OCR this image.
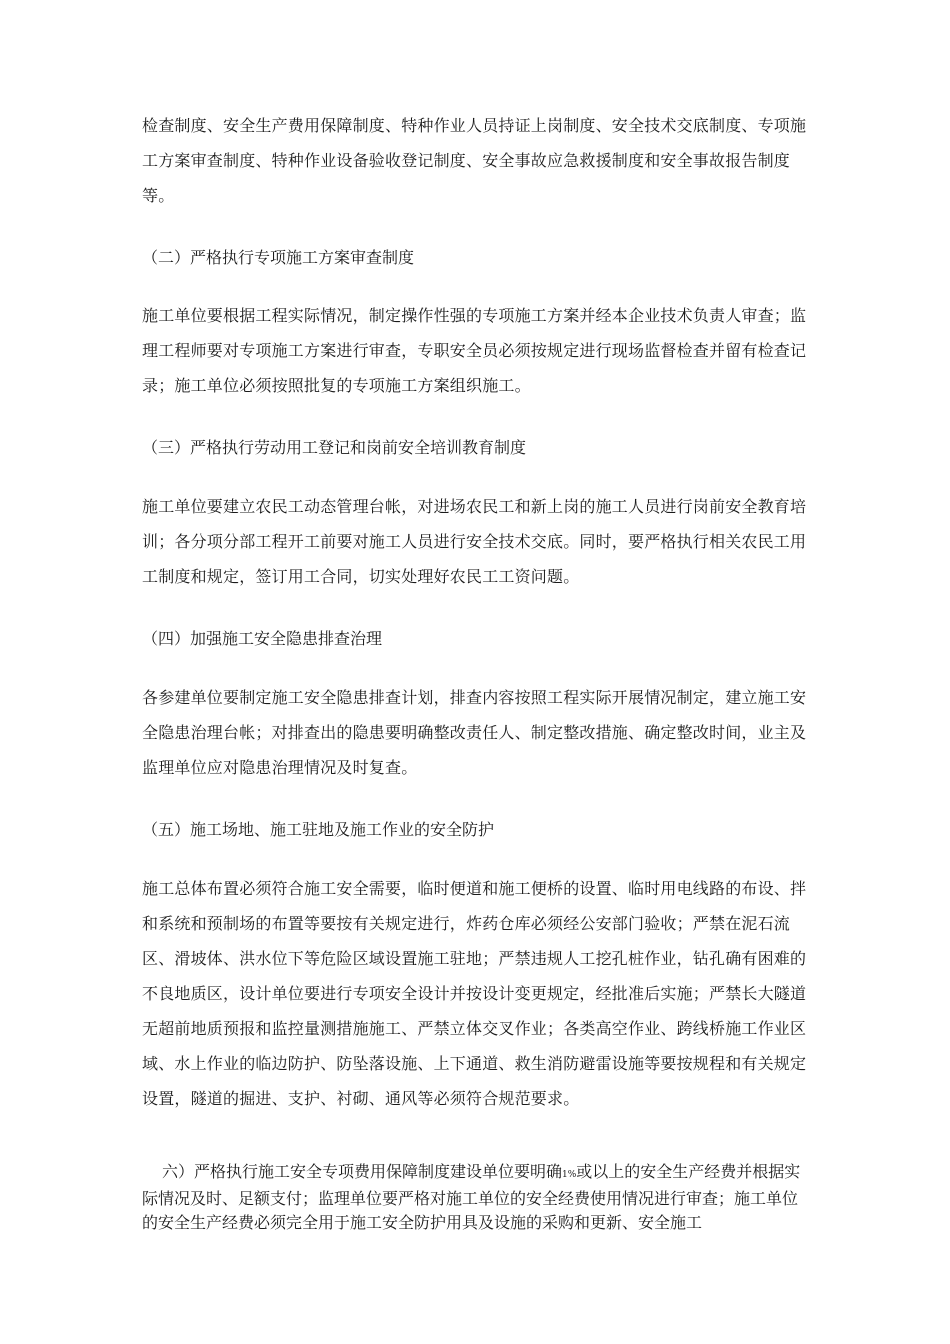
检查制度、安全生产费用保障制度、特种作业人员持证上岗制度、安全技术交底制度、专项施工方案审查制度、特种作业设备验收登记制度、安全事故应急救援制度和安全事故报告制度等。

（二）严格执行专项施工方案审查制度

施工单位要根据工程实际情况，制定操作性强的专项施工方案并经本企业技术负责人审查；监理工程师要对专项施工方案进行审查，专职安全员必须按规定进行现场监督检查并留有检查记录；施工单位必须按照批复的专项施工方案组织施工。

（三）严格执行劳动用工登记和岗前安全培训教育制度

施工单位要建立农民工动态管理台帐，对进场农民工和新上岗的施工人员进行岗前安全教育培训；各分项分部工程开工前要对施工人员进行安全技术交底。同时，要严格执行相关农民工用工制度和规定，签订用工合同，切实处理好农民工工资问题。

（四）加强施工安全隐患排查治理

各参建单位要制定施工安全隐患排查计划，排查内容按照工程实际开展情况制定，建立施工安全隐患治理台帐；对排查出的隐患要明确整改责任人、制定整改措施、确定整改时间，业主及监理单位应对隐患治理情况及时复查。

（五）施工场地、施工驻地及施工作业的安全防护

施工总体布置必须符合施工安全需要，临时便道和施工便桥的设置、临时用电线路的布设、拌和系统和预制场的布置等要按有关规定进行，炸药仓库必须经公安部门验收；严禁在泥石流区、滑坡体、洪水位下等危险区域设置施工驻地；严禁违规人工挖孔桩作业，钻孔确有困难的不良地质区，设计单位要进行专项安全设计并按设计变更规定，经批准后实施；严禁长大隧道无超前地质预报和监控量测措施施工、严禁立体交叉作业；各类高空作业、跨线桥施工作业区域、水上作业的临边防护、防坠落设施、上下通道、救生消防避雷设施等要按规程和有关规定设置，隧道的掘进、支护、衬砌、通风等必须符合规范要求。

六）严格执行施工安全专项费用保障制度建设单位要明确1%或以上的安全生产经费并根据实际情况及时、足额支付；监理单位要严格对施工单位的安全经费使用情况进行审查；施工单位的安全生产经费必须完全用于施工安全防护用具及设施的采购和更新、安全施工
